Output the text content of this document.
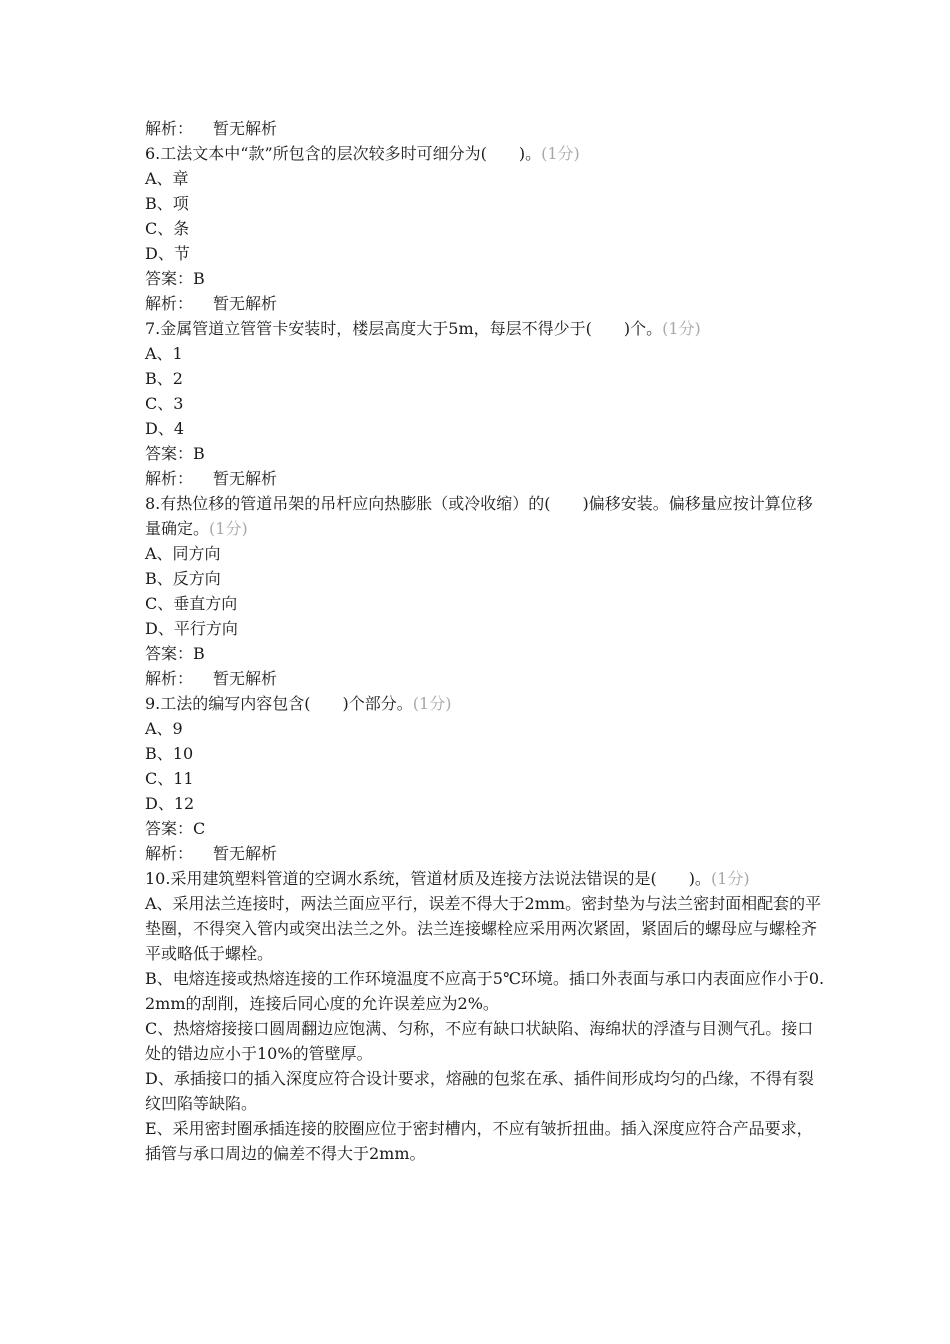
解析： 暂无解析
6.工法文本中“款”所包含的层次较多时可细分为(　　)。(1分)
A、章
B、项
C、条
D、节
答案：B
解析： 暂无解析
7.金属管道立管管卡安装时，楼层高度大于5m，每层不得少于(　　)个。(1分)
A、1
B、2
C、3
D、4
答案：B
解析： 暂无解析
8.有热位移的管道吊架的吊杆应向热膨胀（或冷收缩）的(　　)偏移安装。偏移量应按计算位移量确定。(1分)
A、同方向
B、反方向
C、垂直方向
D、平行方向
答案：B
解析： 暂无解析
9.工法的编写内容包含(　　)个部分。(1分)
A、9
B、10
C、11
D、12
答案：C
解析： 暂无解析
10.采用建筑塑料管道的空调水系统，管道材质及连接方法说法错误的是(　　)。(1分)
A、采用法兰连接时，两法兰面应平行，误差不得大于2mm。密封垫为与法兰密封面相配套的平垫圈，不得突入管内或突出法兰之外。法兰连接螺栓应采用两次紧固，紧固后的螺母应与螺栓齐平或略低于螺栓。
B、电熔连接或热熔连接的工作环境温度不应高于5℃环境。插口外表面与承口内表面应作小于0.2mm的刮削，连接后同心度的允许误差应为2%。
C、热熔熔接接口圆周翻边应饱满、匀称，不应有缺口状缺陷、海绵状的浮渣与目测气孔。接口处的错边应小于10%的管壁厚。
D、承插接口的插入深度应符合设计要求，熔融的包浆在承、插件间形成均匀的凸缘，不得有裂纹凹陷等缺陷。
E、采用密封圈承插连接的胶圈应位于密封槽内，不应有皱折扭曲。插入深度应符合产品要求，插管与承口周边的偏差不得大于2mm。
